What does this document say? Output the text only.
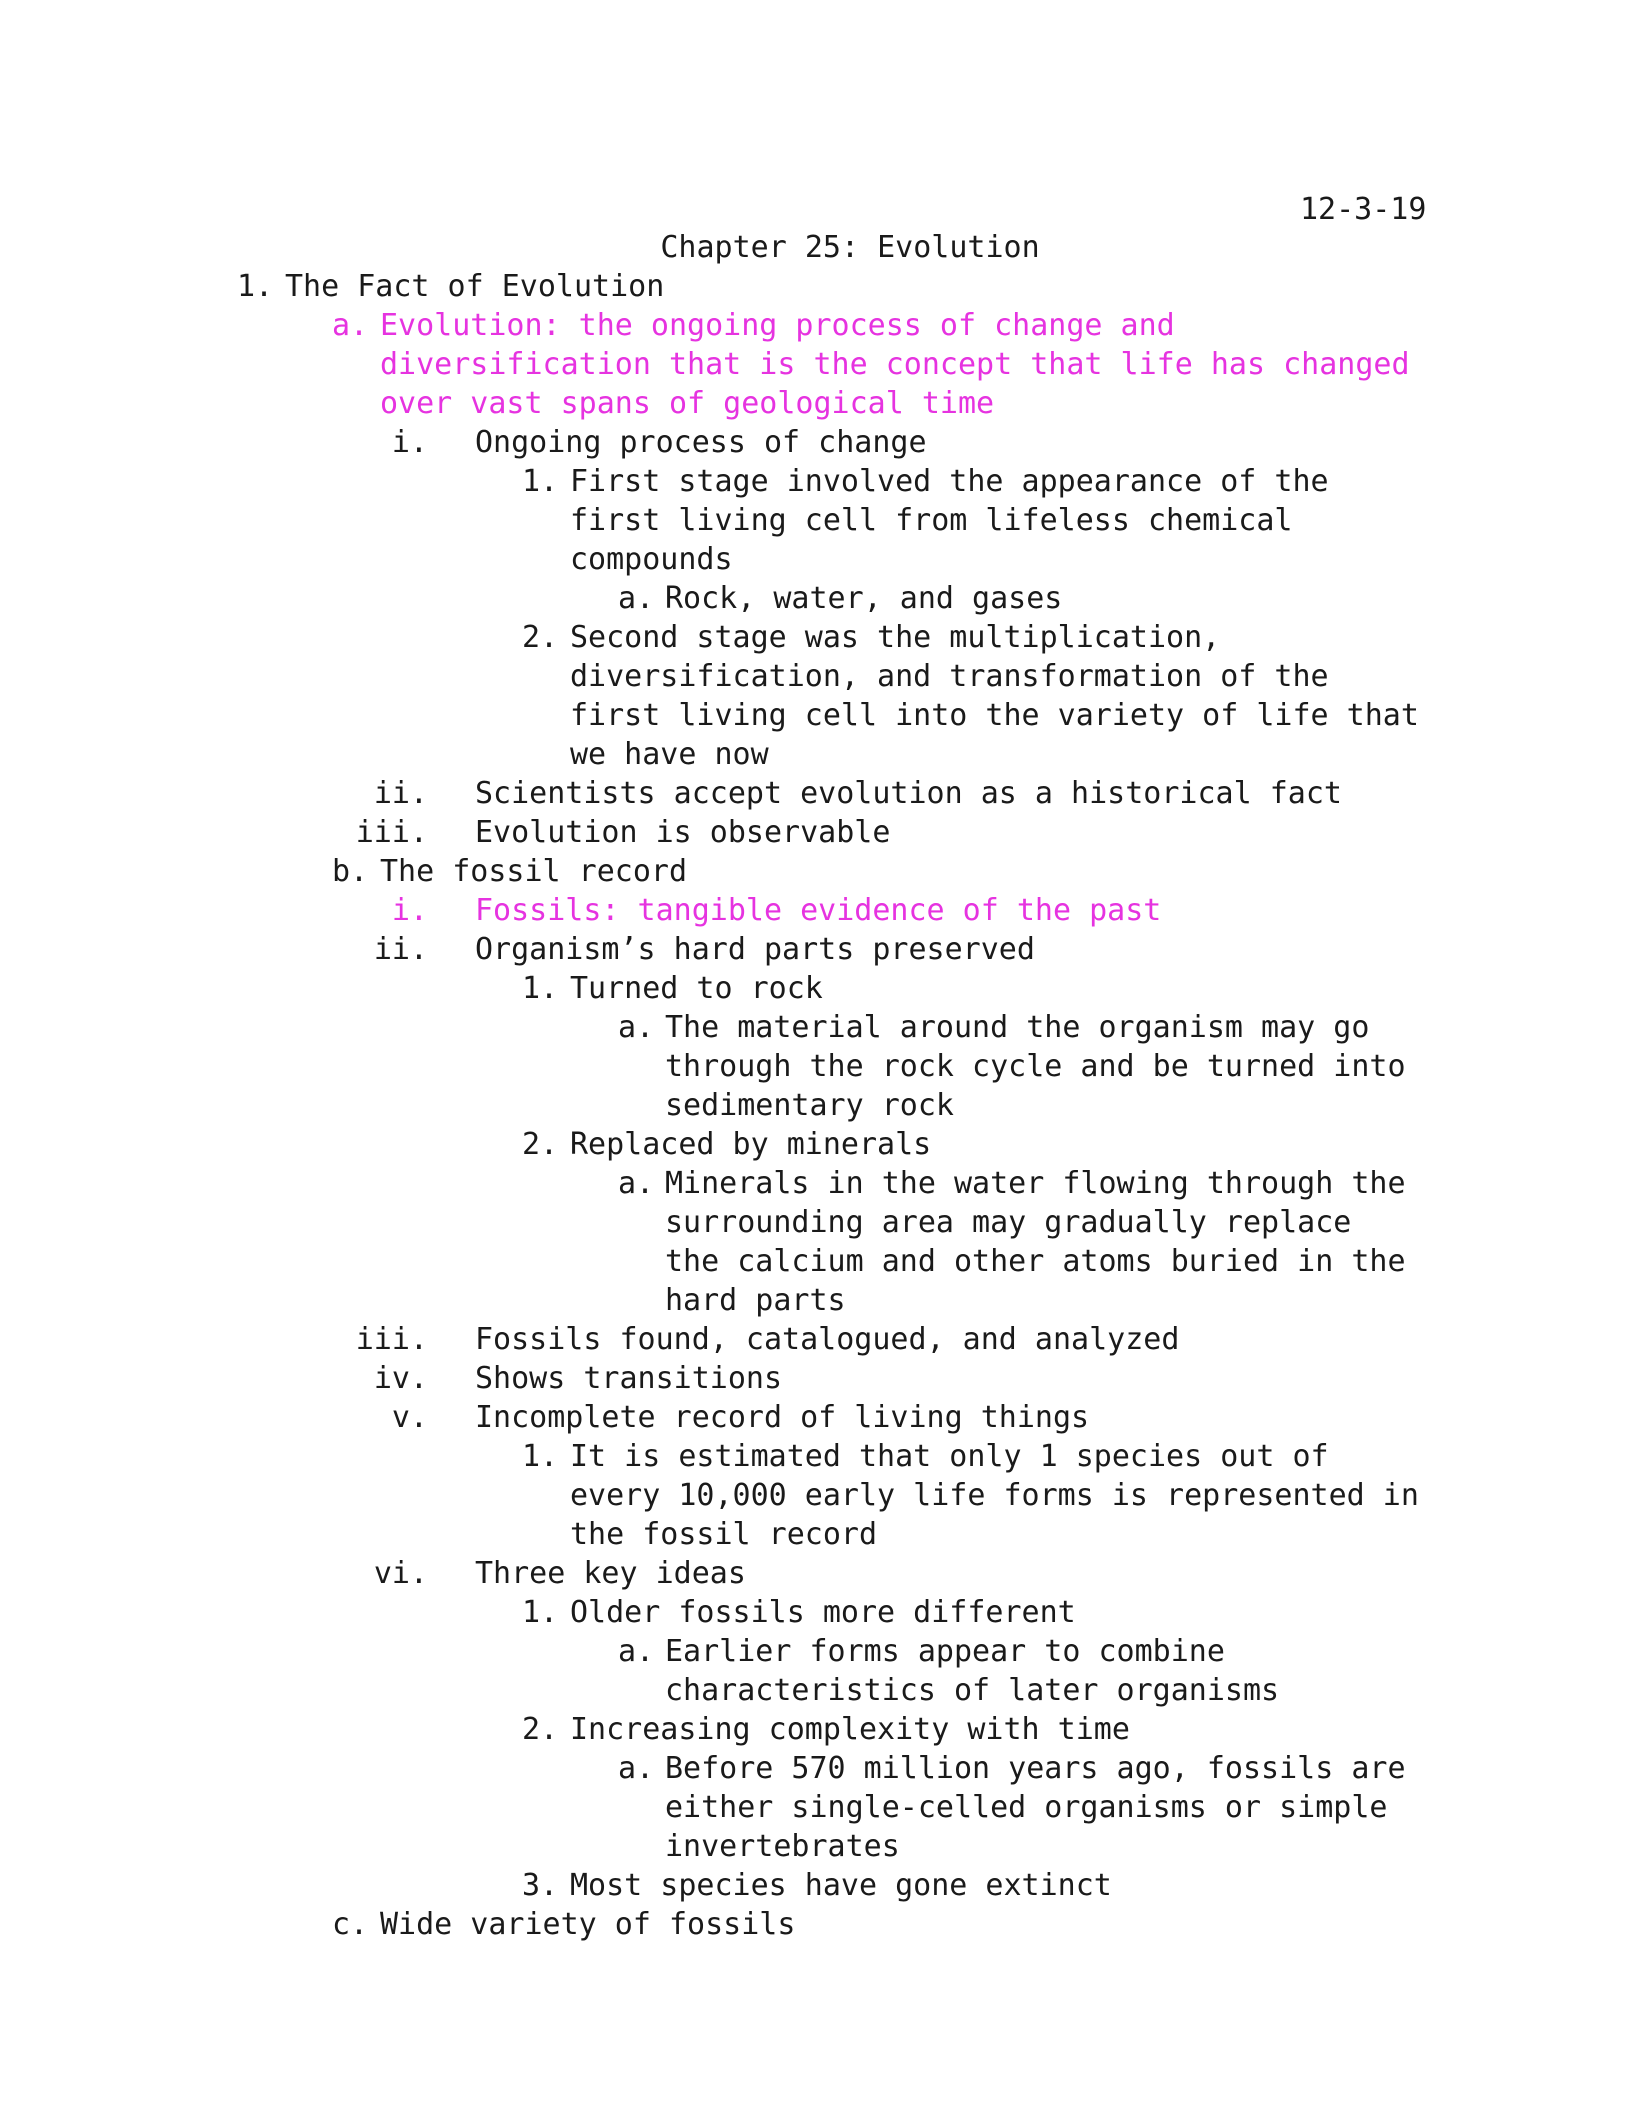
12-3-19
Chapter 25: Evolution
1. The Fact of Evolution
a. Evolution: the ongoing process of change and diversification that is the concept that life has changed over vast spans of geological time
i. Ongoing process of change
1. First stage involved the appearance of the first living cell from lifeless chemical compounds
a. Rock, water, and gases
2. Second stage was the multiplication, diversification, and transformation of the first living cell into the variety of life that we have now
ii. Scientists accept evolution as a historical fact
iii. Evolution is observable
b. The fossil record
i. Fossils: tangible evidence of the past
ii. Organism’s hard parts preserved
1. Turned to rock
a. The material around the organism may go through the rock cycle and be turned into sedimentary rock
2. Replaced by minerals
a. Minerals in the water flowing through the surrounding area may gradually replace the calcium and other atoms buried in the hard parts
iii. Fossils found, catalogued, and analyzed
iv. Shows transitions
v. Incomplete record of living things
1. It is estimated that only 1 species out of every 10,000 early life forms is represented in the fossil record
vi. Three key ideas
1. Older fossils more different
a. Earlier forms appear to combine characteristics of later organisms
2. Increasing complexity with time
a. Before 570 million years ago, fossils are either single-celled organisms or simple invertebrates
3. Most species have gone extinct
c. Wide variety of fossils
